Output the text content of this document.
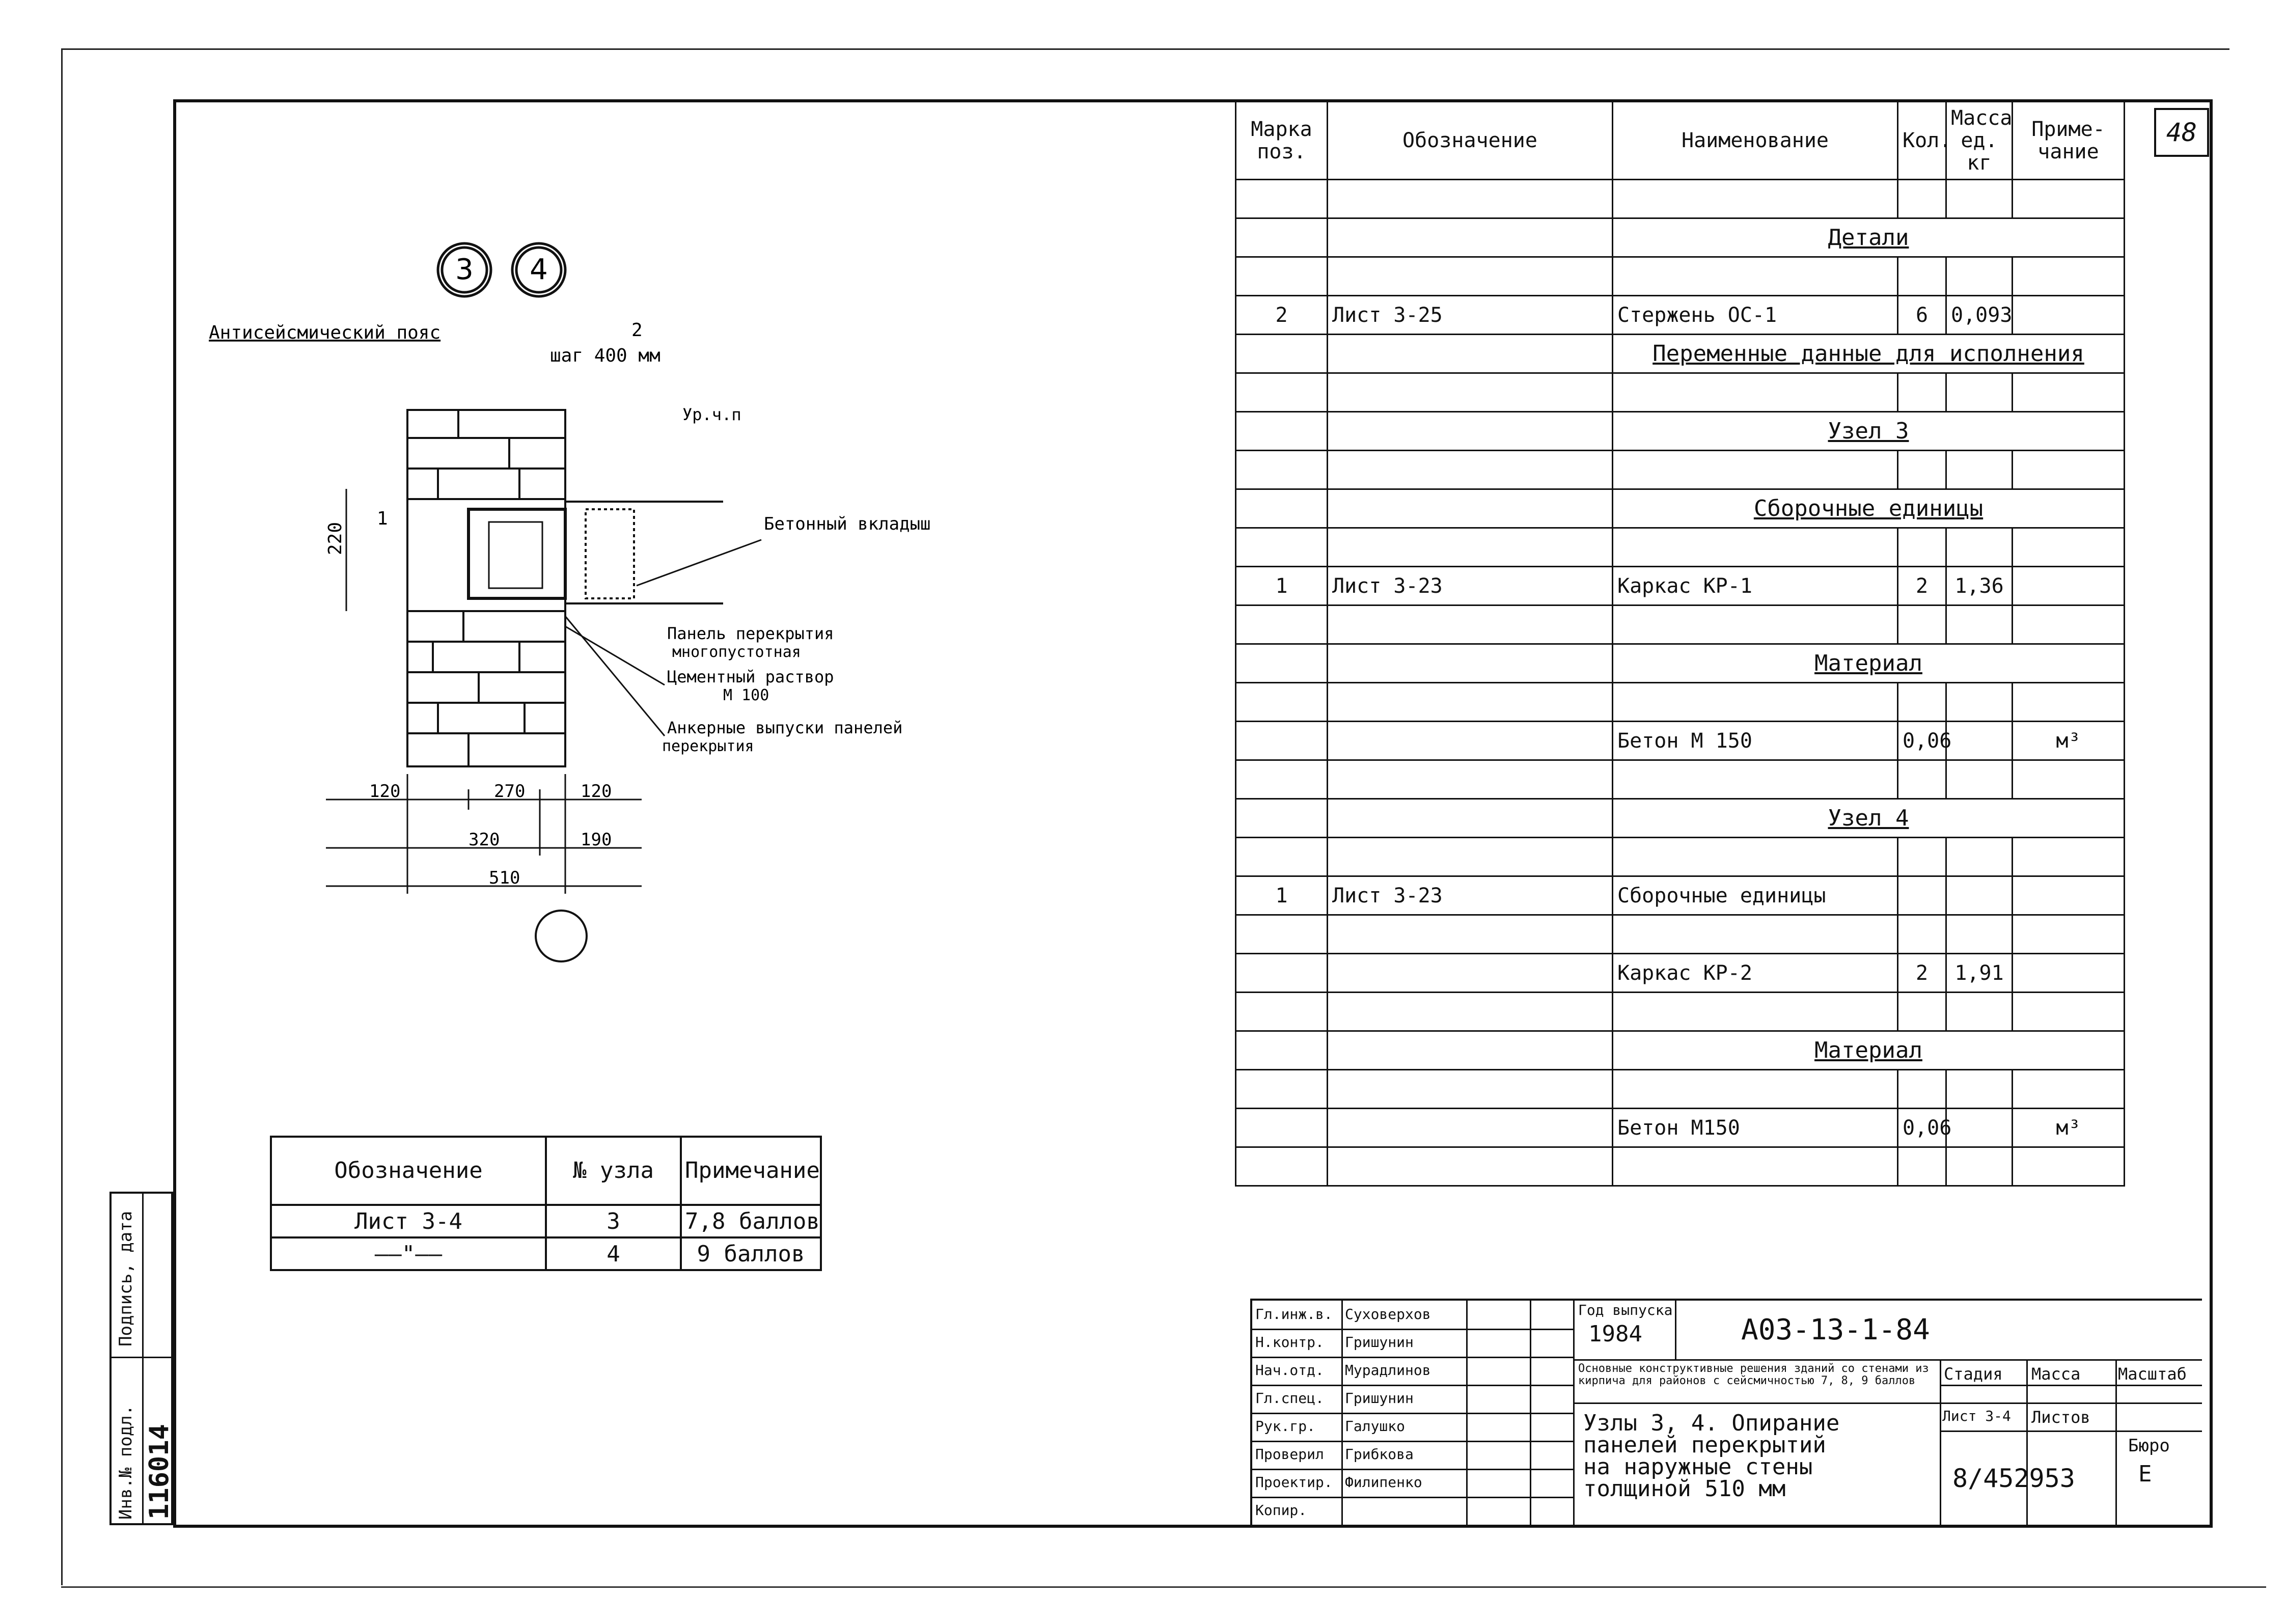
Инв.№ подл. 116014
Подпись, дата
3 4
220
1
Антисейсмический пояс	2
шаг 400 мм
Ур.ч.п
Бетонный вкладыш
Панель перекрытия
многопустотная
Цементный раствор
М 100
Анкерные выпуски панелей
перекрытия
120	270	120
320	190
510
Обозначение	№ узла	Примечание
Лист 3-4	3	7,8 баллов
——"——	4	9 баллов
48
Марка поз.	Обозначение	Наименование	Кол.	Масса ед. кг	Приме-чание

		Детали			

2	Лист 3-25	Стержень ОС-1	6	0,093	
		Переменные данные для исполнения			

		Узел 3			

		Сборочные единицы			

1	Лист 3-23	Каркас КР-1	2	1,36	

		Материал			

		Бетон М 150	0,06		м³

		Узел 4			

1	Лист 3-23	Сборочные единицы			

		Каркас КР-2	2	1,91	

		Материал			

		Бетон М150	0,06		м³

Гл.инж.в. Суховерхов
Н.контр. Гришунин
Нач.отд. Мурадлинов
Гл.спец. Гришунин
Рук.гр. Галушко
Проверил Грибкова
Проектир. Филипенко
Копир.
Год выпуска
1984	А03-13-1-84
Основные конструктивные решения зданий со стенами из кирпича для районов с сейсмичностью 7, 8, 9 баллов
Узлы 3, 4. Опирание
панелей перекрытий
на наружные стены
толщиной 510 мм
Стадия Масса Масштаб
Лист 3-4 Листов
Бюро
Е
8/452953
